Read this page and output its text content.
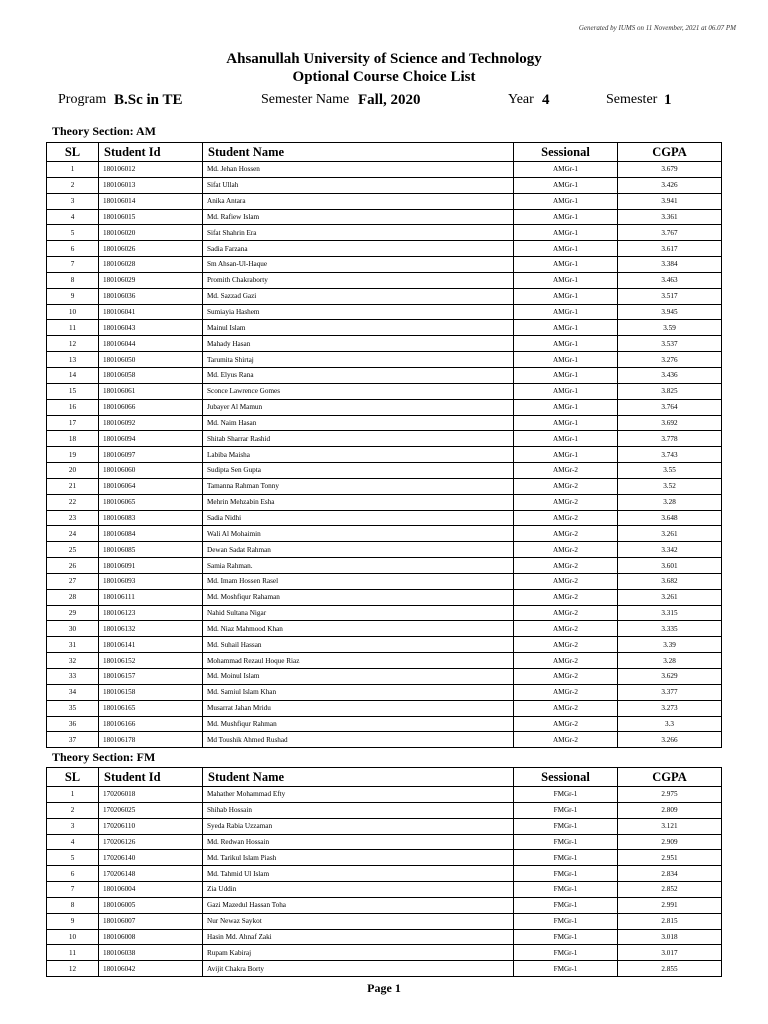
Generated by IUMS on 11 November, 2021 at 06.07 PM
Ahsanullah University of Science and Technology
Optional Course Choice List
Program B.Sc in TE	Semester Name Fall, 2020	Year 4	Semester 1
Theory Section: AM
SL	Student Id	Student Name	Sessional	CGPA
1	180106012	Md. Jehan Hossen	AMGr-1	3.679
2	180106013	Sifat Ullah	AMGr-1	3.426
3	180106014	Anika Antara	AMGr-1	3.941
4	180106015	Md. Rafiew Islam	AMGr-1	3.361
5	180106020	Sifat Shahrin Era	AMGr-1	3.767
6	180106026	Sadia Farzana	AMGr-1	3.617
7	180106028	Sm Ahsan-Ul-Haque	AMGr-1	3.384
8	180106029	Promith Chakraborty	AMGr-1	3.463
9	180106036	Md. Sazzad Gazi	AMGr-1	3.517
10	180106041	Sumiayia Hashem	AMGr-1	3.945
11	180106043	Mainul Islam	AMGr-1	3.59
12	180106044	Mahady Hasan	AMGr-1	3.537
13	180106050	Tarumita Shirtaj	AMGr-1	3.276
14	180106058	Md. Elyus Rana	AMGr-1	3.436
15	180106061	Sconce Lawrence Gomes	AMGr-1	3.825
16	180106066	Jubayer Al Mamun	AMGr-1	3.764
17	180106092	Md. Naim Hasan	AMGr-1	3.692
18	180106094	Shitab Sharrar Rashid	AMGr-1	3.778
19	180106097	Labiba Maisha	AMGr-1	3.743
20	180106060	Sudipta Sen Gupta	AMGr-2	3.55
21	180106064	Tamanna Rahman Tonny	AMGr-2	3.52
22	180106065	Mehrin Mehzabin Esha	AMGr-2	3.28
23	180106083	Sadia Nidhi	AMGr-2	3.648
24	180106084	Wali Al Mohaimin	AMGr-2	3.261
25	180106085	Dewan Sadat Rahman	AMGr-2	3.342
26	180106091	Samia Rahman.	AMGr-2	3.601
27	180106093	Md. Imam Hossen Rasel	AMGr-2	3.682
28	180106111	Md. Moshfiqur Rahaman	AMGr-2	3.261
29	180106123	Nahid Sultana Nigar	AMGr-2	3.315
30	180106132	Md. Niaz Mahmood Khan	AMGr-2	3.335
31	180106141	Md. Suhail Hassan	AMGr-2	3.39
32	180106152	Mohammad Rezaul Hoque Riaz	AMGr-2	3.28
33	180106157	Md. Moinul Islam	AMGr-2	3.629
34	180106158	Md. Samiul Islam Khan	AMGr-2	3.377
35	180106165	Musarrat Jahan Mridu	AMGr-2	3.273
36	180106166	Md. Mushfiqur Rahman	AMGr-2	3.3
37	180106178	Md Toushik Ahmed Rushad	AMGr-2	3.266
Theory Section: FM
SL	Student Id	Student Name	Sessional	CGPA
1	170206018	Mahather Mohammad Efty	FMGr-1	2.975
2	170206025	Shihab Hossain	FMGr-1	2.809
3	170206110	Syeda Rabia Uzzaman	FMGr-1	3.121
4	170206126	Md. Redwan Hossain	FMGr-1	2.909
5	170206140	Md. Tarikul Islam Piash	FMGr-1	2.951
6	170206148	Md. Tahmid Ul Islam	FMGr-1	2.834
7	180106004	Zia Uddin	FMGr-1	2.852
8	180106005	Gazi Mazedul Hassan Toha	FMGr-1	2.991
9	180106007	Nur Newaz Saykot	FMGr-1	2.815
10	180106008	Hasin Md. Ahnaf Zaki	FMGr-1	3.018
11	180106038	Rupam Kabiraj	FMGr-1	3.017
12	180106042	Avijit Chakra Borty	FMGr-1	2.855
Page 1
